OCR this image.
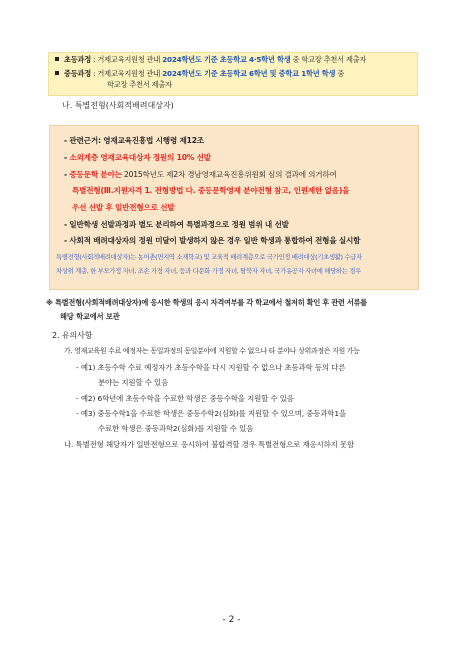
초등과정 : 거제교육지원청 관내 2024학년도 기준 초등학교 4∙5학년 학생 중 학교장 추천서 제출자
중등과정 : 거제교육지원청 관내 2024학년도 기준 초등학교 6학년 및 중학교 1학년 학생 중
학교장 추천서 제출자
나. 특별전형(사회적배려대상자)
- 관련근거: 영재교육진흥법 시행령 제12조
- 소외계층 영재교육대상자 정원의 10% 선발
- 중등문학 분야는 2015학년도 제2차 경남영재교육진흥위원회 심의 결과에 의거하여
특별전형(Ⅲ.지원자격 1. 전형방법 다. 중등문학영재 분야전형 참고, 인원제한 없음)을
우선 선발 후 일반전형으로 선발
- 일반학생 선발과정과 별도 분리하여 특별과정으로 정원 범위 내 선발
- 사회적 배려대상자의 정원 미달이 발생하지 않은 경우 일반 학생과 통합하여 전형을 실시함
특별전형(사회적배려대상자)는 농어촌(면지역 소재학교) 및 교육적 배려계층으로 국가인정 배려대상(기초생활) 수급자
차상위 계층, 한 부모가정 자녀, 조손 가정 자녀, 등과 다문화 가정 자녀, 탈북자 자녀, 국가유공자 자녀에 해당하는 경우
※ 특별전형(사회적배려대상자)에 응시한 학생의 응시 자격여부를 각 학교에서 철저히 확인 후 관련 서류를
해당 학교에서 보관
2. 유의사항
가. 영재교육원 수료 예정자는 동일과정의 동일분야에 지원할 수 없으나 타 분야나 상위과정은 지원 가능
- 예1) 초등수학 수료 예정자가 초등수학을 다시 지원할 수 없으나 초등과학 등의 다른
분야는 지원할 수 있음
- 예2) 6학년에 초등수학을 수료한 학생은 중등수학을 지원할 수 있음
- 예3) 중등수학1을 수료한 학생은 중등수학2(심화)를 지원할 수 있으며, 중등과학1을
수료한 학생은 중등과학2(심화)를 지원할 수 있음
나. 특별전형 해당자가 일반전형으로 응시하여 불합격할 경우 특별전형으로 재응시하지 못함
- 2 -
